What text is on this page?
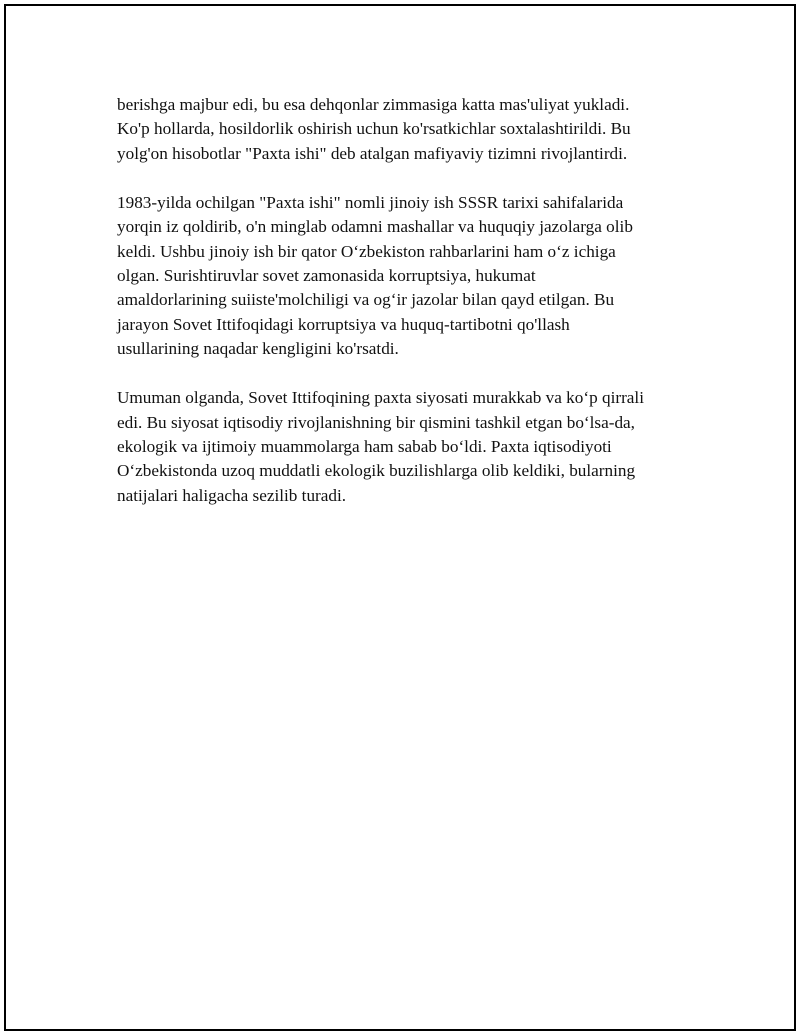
berishga majbur edi, bu esa dehqonlar zimmasiga katta mas'uliyat yukladi.
Ko'p hollarda, hosildorlik oshirish uchun ko'rsatkichlar soxtalashtirildi. Bu
yolg'on hisobotlar "Paxta ishi" deb atalgan mafiyaviy tizimni rivojlantirdi.

1983-yilda ochilgan "Paxta ishi" nomli jinoiy ish SSSR tarixi sahifalarida
yorqin iz qoldirib, o'n minglab odamni mashallar va huquqiy jazolarga olib
keldi. Ushbu jinoiy ish bir qator O‘zbekiston rahbarlarini ham o‘z ichiga
olgan. Surishtiruvlar sovet zamonasida korruptsiya, hukumat
amaldorlarining suiiste'molchiligi va og‘ir jazolar bilan qayd etilgan. Bu
jarayon Sovet Ittifoqidagi korruptsiya va huquq-tartibotni qo'llash
usullarining naqadar kengligini ko'rsatdi.

Umuman olganda, Sovet Ittifoqining paxta siyosati murakkab va ko‘p qirrali
edi. Bu siyosat iqtisodiy rivojlanishning bir qismini tashkil etgan bo‘lsa-da,
ekologik va ijtimoiy muammolarga ham sabab bo‘ldi. Paxta iqtisodiyoti
O‘zbekistonda uzoq muddatli ekologik buzilishlarga olib keldiki, bularning
natijalari haligacha sezilib turadi.
